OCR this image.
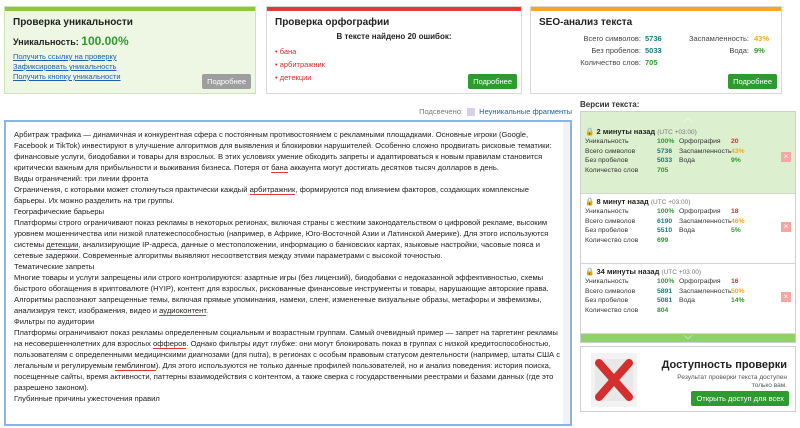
Проверка уникальности
Уникальность: 100.00%
Получить ссылку на проверку
Зафиксировать уникальность
Получить кнопку уникальности
Подробнее
Проверка орфографии
В тексте найдено 20 ошибок:
• бана
• арбитражник
• детекции	Подробнее
SEO-анализ текста
Всего символов: 5736
Без пробелов: 5033
Количество слов: 705
Заспамленность: 43%
Вода: 9%
Подробнее
Подсвечено: Неуникальные фрагменты

Арбитраж трафика — динамичная и конкурентная сфера с постоянным противостоянием с рекламными площадками. Основные игроки (Google, Facebook и TikTok) инвестируют в улучшение алгоритмов для выявления и блокировки нарушителей. Особенно сложно продвигать рисковые тематики: финансовые услуги, биодобавки и товары для взрослых. В этих условиях умение обходить запреты и адаптироваться к новым правилам становится критически важным для прибыльности и выживания бизнеса. Потеря от бана аккаунта могут достигать десятков тысяч долларов в день.

Виды ограничений: три линии фронта

Ограничения, с которыми может столкнуться практически каждый арбитражник, формируются под влиянием факторов, создающих комплексные барьеры. Их можно разделить на три группы.

Географические барьеры

Платформы строго ограничивают показ рекламы в некоторых регионах, включая страны с жестким законодательством о цифровой рекламе, высоким уровнем мошенничества или низкой платежеспособностью (например, в Африке, Юго-Восточной Азии и Латинской Америке). Для этого используются системы детекции, анализирующие IP-адреса, данные о местоположении, информацию о банковских картах, языковые настройки, часовые пояса и сетевые задержки. Современные алгоритмы выявляют несоответствия между этими параметрами с высокой точностью.

Тематические запреты

Многие товары и услуги запрещены или строго контролируются: азартные игры (без лицензий), биодобавки с недоказанной эффективностью, схемы быстрого обогащения в криптовалюте (HYIP), контент для взрослых, рискованные финансовые инструменты и товары, нарушающие авторские права. Алгоритмы распознают запрещенные темы, включая прямые упоминания, намеки, сленг, измененные визуальные образы, метафоры и эвфемизмы, анализируя текст, изображения, видео и аудиоконтент.

Фильтры по аудитории

Платформы ограничивают показ рекламы определенным социальным и возрастным группам. Самый очевидный пример — запрет на таргетинг рекламы на несовершеннолетних для взрослых офферов. Однако фильтры идут глубже: они могут блокировать показ в группах с низкой кредитоспособностью, пользователям с определенными медицинскими диагнозами (для nutra), в регионах с особым правовым статусом деятельности (например, штаты США с легальным и регулируемым гемблингом). Для этого используются не только данные профилей пользователей, но и анализ поведения: история поиска, посещенные сайты, время активности, паттерны взаимодействия с контентом, а также сверка с государственными реестрами и базами данных (где это разрешено законом).

Глубинные причины ужесточения правил

Версии текста:
︿
🔒 2 минуты назад (UTC +03:00)
Уникальность	100% Орфография 20
Всего символов	5736 Заспамленность 43%
Без пробелов	5033 Вода	9%
Количество слов	705
×
🔒 8 минут назад (UTC +03:00)
Уникальность	100% Орфография 18
Всего символов	6190 Заспамленность 46%
Без пробелов	5510 Вода	5%
Количество слов	699
×
🔒 34 минуты назад (UTC +03:00)
Уникальность	100% Орфография 16
Всего символов	5891 Заспамленность 50%
Без пробелов	5081 Вода	14%
Количество слов	804
×
﹀
Доступность проверки
Результат проверки текста доступен только вам.
Открыть доступ для всех
